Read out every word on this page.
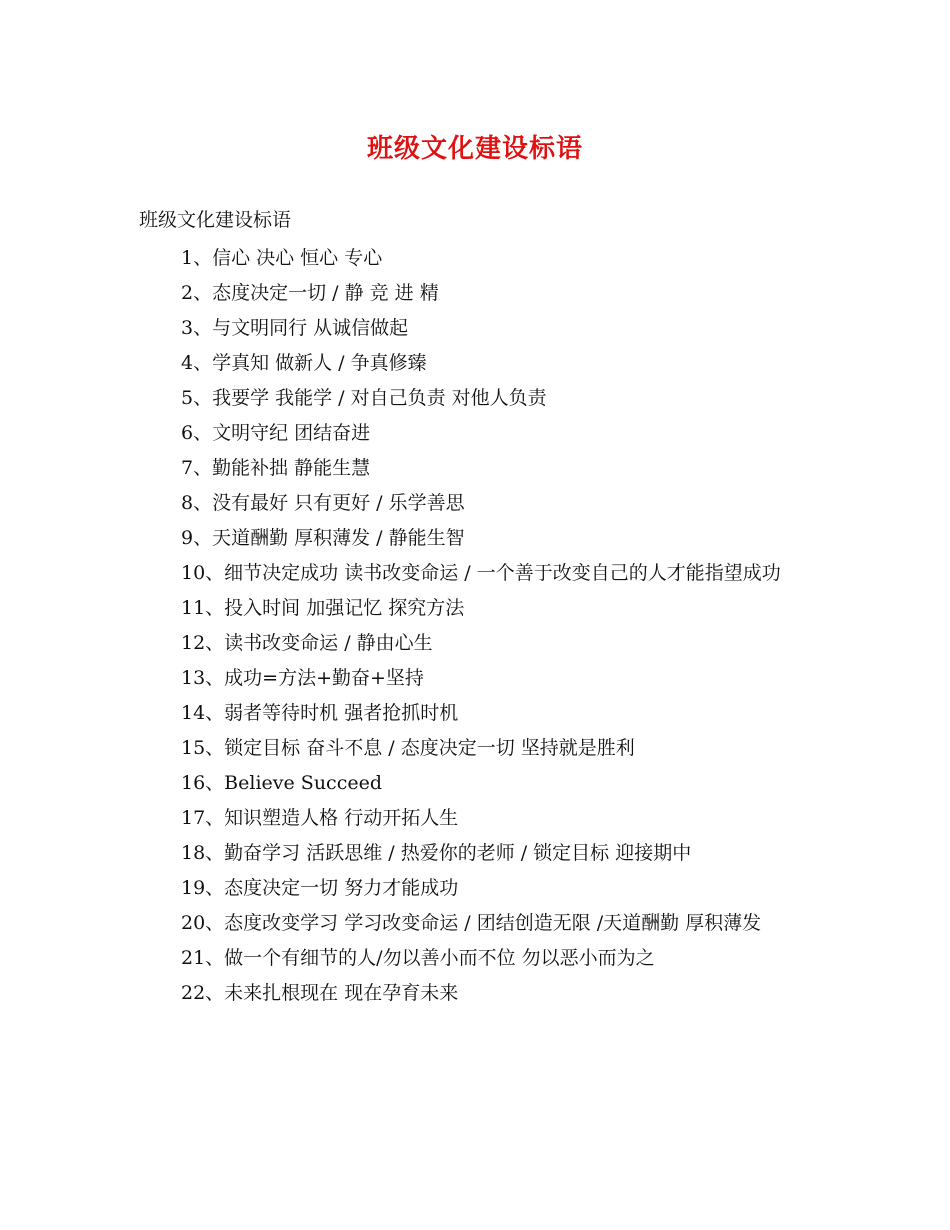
班级文化建设标语
班级文化建设标语

1、信心 决心 恒心 专心

2、态度决定一切 / 静 竞 进 精

3、与文明同行 从诚信做起

4、学真知 做新人 / 争真修臻

5、我要学 我能学 / 对自己负责 对他人负责

6、文明守纪 团结奋进

7、勤能补拙 静能生慧

8、没有最好 只有更好 / 乐学善思

9、天道酬勤 厚积薄发 / 静能生智

10、细节决定成功 读书改变命运 / 一个善于改变自己的人才能指望成功

11、投入时间 加强记忆 探究方法

12、读书改变命运 / 静由心生

13、成功=方法+勤奋+坚持

14、弱者等待时机 强者抢抓时机

15、锁定目标 奋斗不息 / 态度决定一切 坚持就是胜利

16、Believe Succeed

17、知识塑造人格 行动开拓人生

18、勤奋学习 活跃思维 / 热爱你的老师 / 锁定目标 迎接期中

19、态度决定一切 努力才能成功

20、态度改变学习 学习改变命运 / 团结创造无限 /天道酬勤 厚积薄发

21、做一个有细节的人/勿以善小而不位 勿以恶小而为之

22、未来扎根现在 现在孕育未来
